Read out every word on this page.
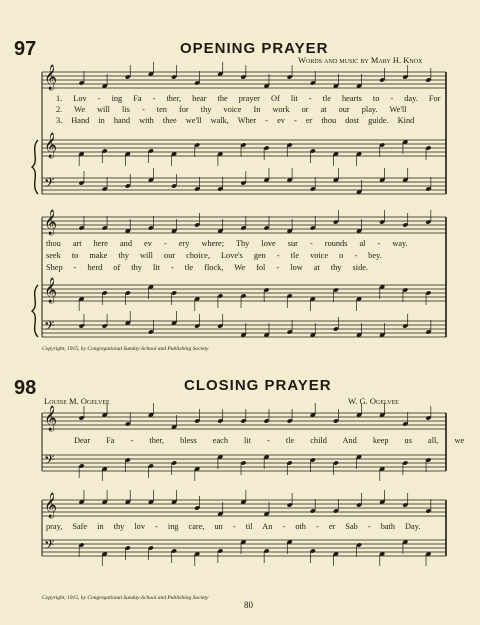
97	OPENING PRAYER
Words and music by Mary H. Knox
1. Lov - ing Fa - ther, hear the prayer Of lit - tle hearts to - day. For
2. We will lis - ten for thy voice In work or at our play. We'll
3. Hand in hand with thee we'll walk, Wher - ev - er thou dost guide. Kind
thou art here and ev - ery where; Thy love sur - rounds al - way.
seek to make thy will our choice, Love's gen - tle voice o - bey.
Shep - herd of thy lit - tle flock, We fol - low at thy side.
Copyright, 1915, by Congregational Sunday-School and Publishing Society
98	CLOSING PRAYER
Louise M. Ogelvee	W. G. Ogelvee
Dear Fa - ther, bless each lit - tle child And keep us all, we
pray, Safe in thy lov - ing care, un - til An - oth - er Sab - bath Day.
Copyright, 1915, by Congregational Sunday-School and Publishing Society
80
𝄞
𝄞
𝄢
𝄞
𝄞
𝄢
𝄞
𝄢
𝄞
𝄢
